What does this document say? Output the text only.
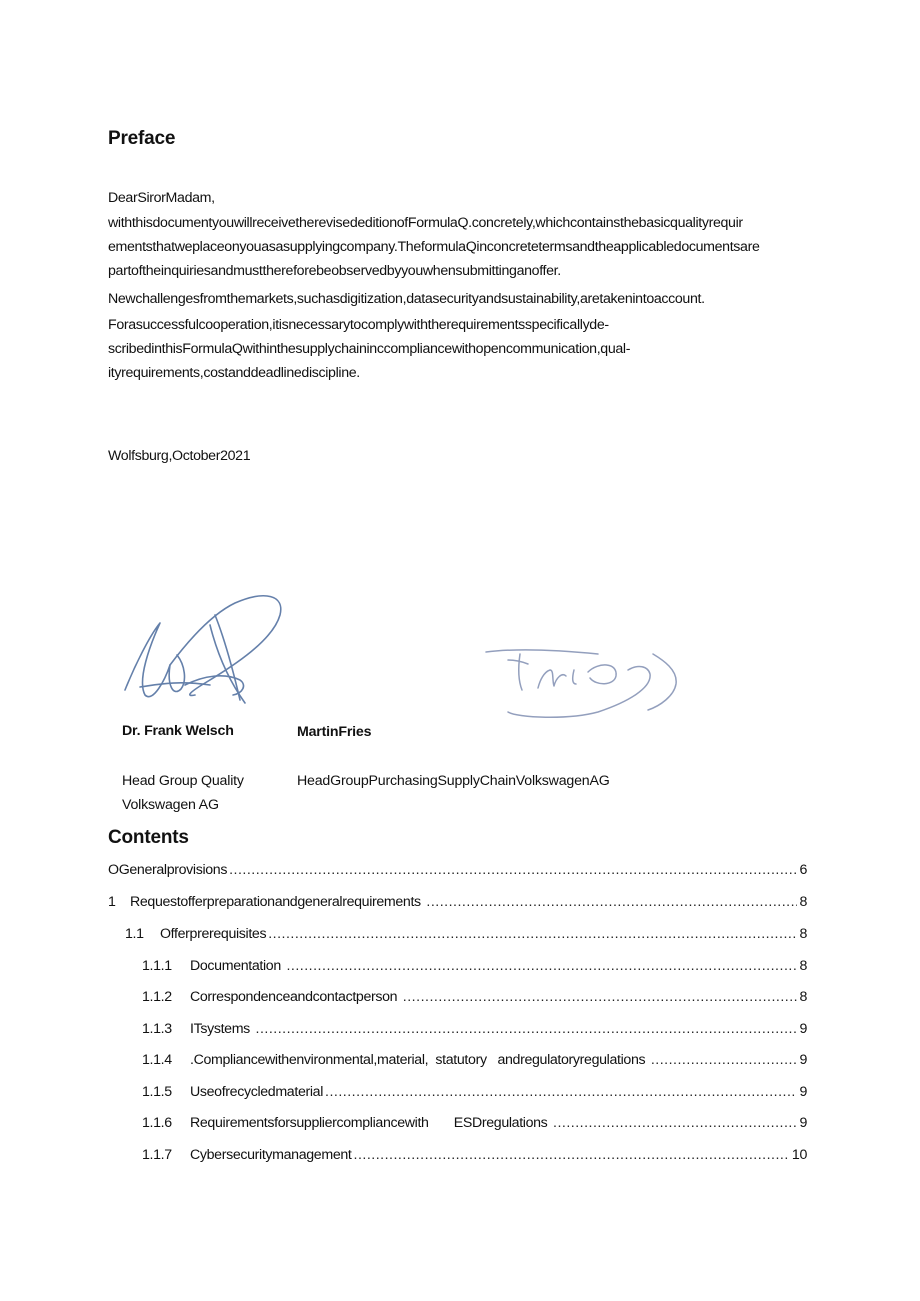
Preface

DearSirorMadam,

withthisdocumentyouwillreceivetherevisededitionofFormulaQ.concretely,whichcontainsthebasicqualityrequir

ementsthatweplaceonyouasasupplyingcompany.TheformulaQinconcretetermsandtheapplicabledocumentsare

partoftheinquiriesandmustthereforebeobservedbyyouwhensubmittinganoffer.

Newchallengesfromthemarkets,suchasdigitization,datasecurityandsustainability,aretakenintoaccount.

Forasuccessfulcooperation,itisnecessarytocomplywiththerequirementsspecificallyde-

scribedinthisFormulaQwithinthesupplychaininccompliancewithopencommunication,qual-

ityrequirements,costanddeadlinediscipline.

Wolfsburg,October2021
Dr. Frank Welsch	MartinFries
Head Group Quality
Volkswagen AG
HeadGroupPurchasingSupplyChainVolkswagenAG
Contents
O Generalprovisions .....	6
1	Requestofferpreparationandgeneralrequirements .....	8
1.1	Offerprerequisites .....	8
1.1.1	Documentation .....	8
1.1.2	Correspondenceandcontactperson .....	8
1.1.3	ITsystems .....	9
1.1.4	.Compliancewithenvironmental,material,  statutory   andregulatoryregulations .....	9
1.1.5	Useofrecycledmaterial .....	9
1.1.6	Requirementsforsuppliercompliancewith       ESDregulations .....	9
1.1.7	Cybersecuritymanagement .....	10
